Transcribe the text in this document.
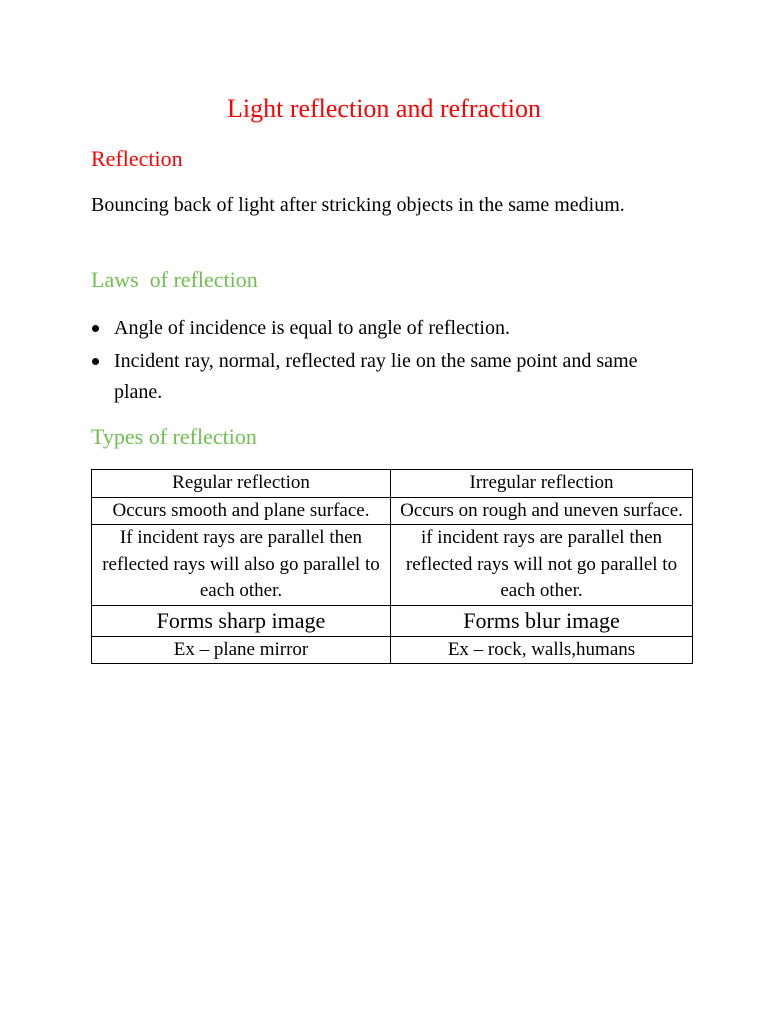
Light reflection and refraction
Reflection

Bouncing back of light after stricking objects in the same medium.

Laws  of reflection
Angle of incidence is equal to angle of reflection.
Incident ray, normal, reflected ray lie on the same point and same plane.
Types of reflection
Regular reflection	Irregular reflection
Occurs smooth and plane surface.	Occurs on rough and uneven surface.
If incident rays are parallel then reflected rays will also go parallel to each other.	if incident rays are parallel then reflected rays will not go parallel to each other.
Forms sharp image	Forms blur image
Ex – plane mirror	Ex – rock, walls,humans
